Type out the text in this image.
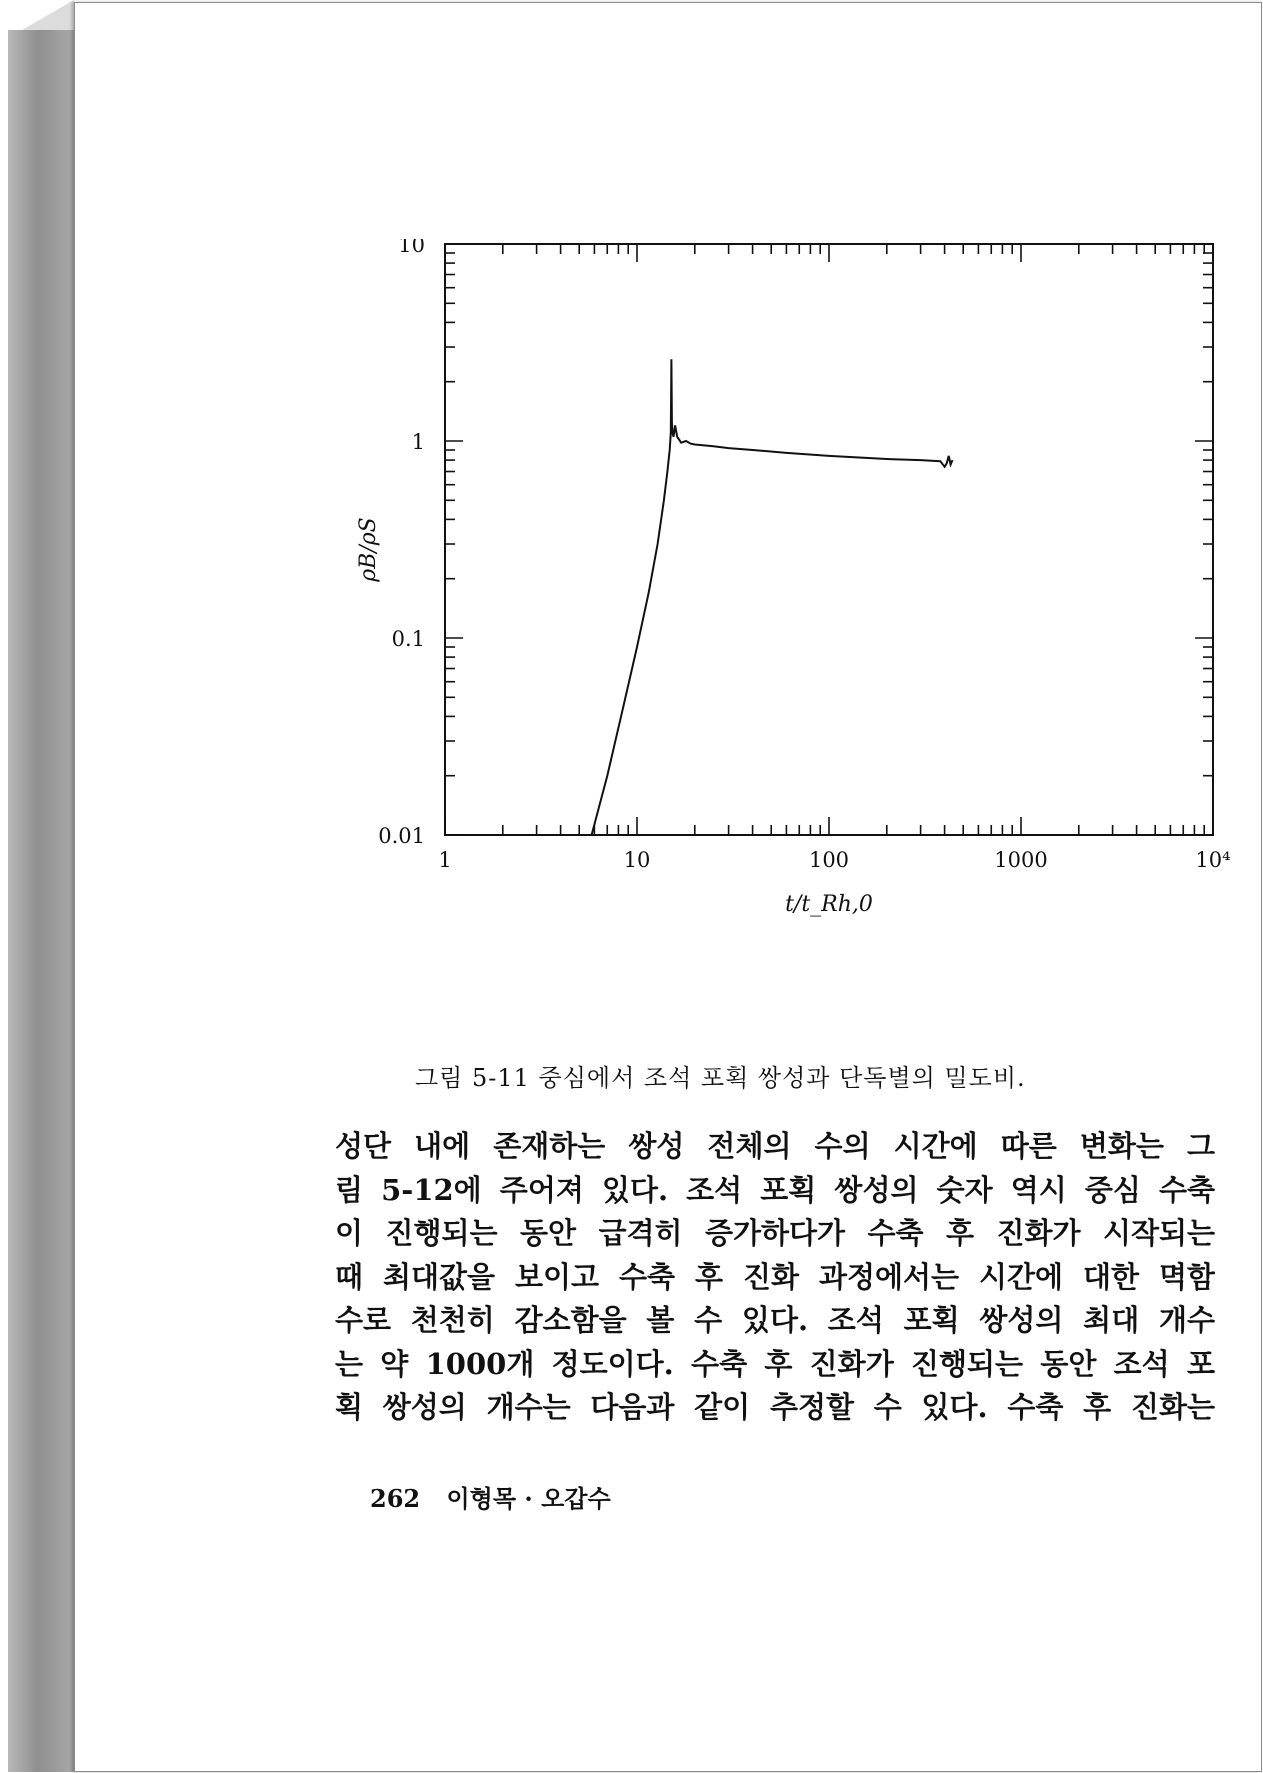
1	10	100	1000	10⁴
10
1
0.1
0.01
t/t_Rh,0
ρB/ρS
그림 5-11 중심에서 조석 포획 쌍성과 단독별의 밀도비.
성단 내에 존재하는 쌍성 전체의 수의 시간에 따른 변화는 그
림 5-12에 주어져 있다. 조석 포획 쌍성의 숫자 역시 중심 수축
이 진행되는 동안 급격히 증가하다가 수축 후 진화가 시작되는
때 최대값을 보이고 수축 후 진화 과정에서는 시간에 대한 멱함
수로 천천히 감소함을 볼 수 있다. 조석 포획 쌍성의 최대 개수
는 약 1000개 정도이다. 수축 후 진화가 진행되는 동안 조석 포
획 쌍성의 개수는 다음과 같이 추정할 수 있다. 수축 후 진화는
262 이형목 · 오갑수
